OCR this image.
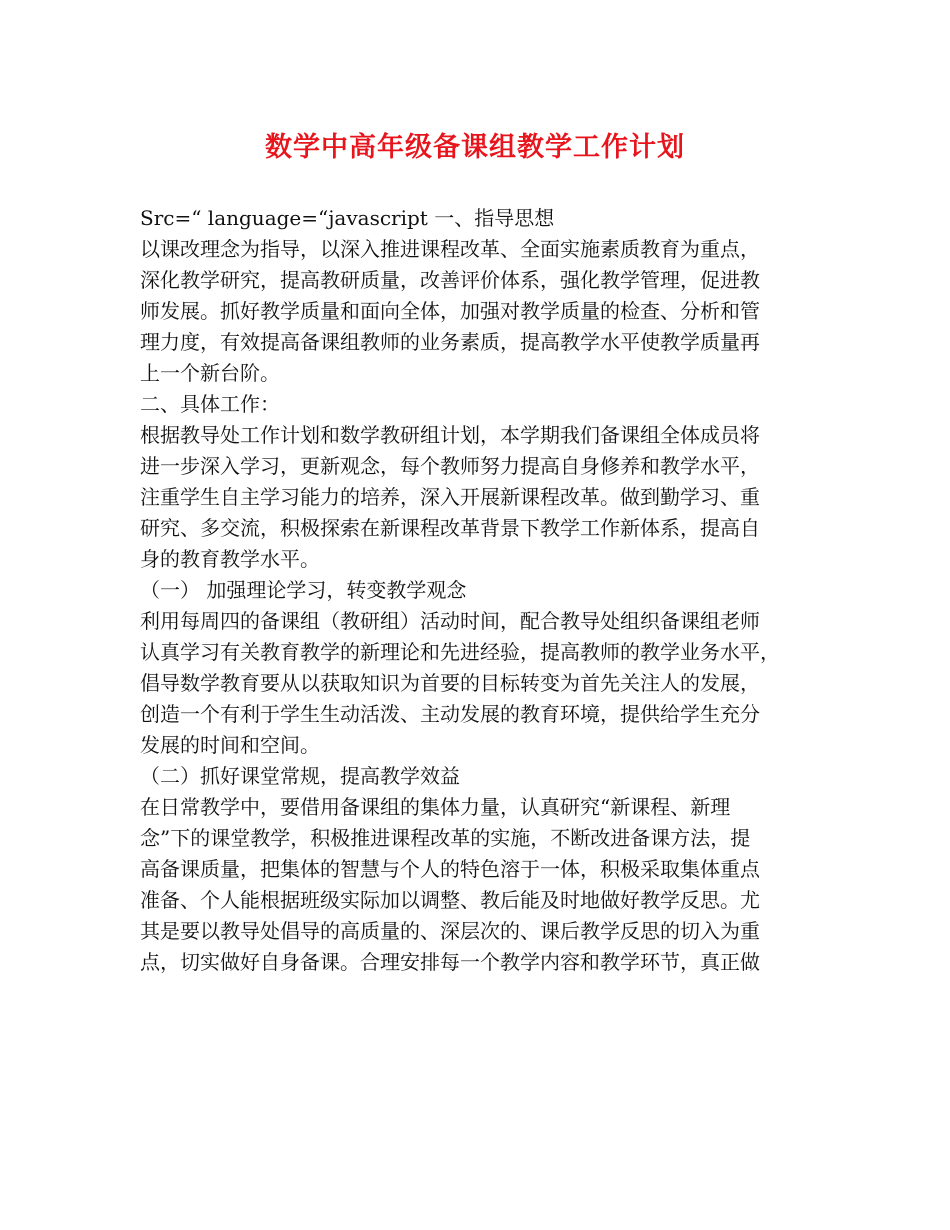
数学中高年级备课组教学工作计划
Src=“ language=“javascript 一、指导思想
以课改理念为指导，以深入推进课程改革、全面实施素质教育为重点，
深化教学研究，提高教研质量，改善评价体系，强化教学管理，促进教
师发展。抓好教学质量和面向全体，加强对教学质量的检查、分析和管
理力度，有效提高备课组教师的业务素质，提高教学水平使教学质量再
上一个新台阶。
二、具体工作：
根据教导处工作计划和数学教研组计划，本学期我们备课组全体成员将
进一步深入学习，更新观念，每个教师努力提高自身修养和教学水平，
注重学生自主学习能力的培养，深入开展新课程改革。做到勤学习、重
研究、多交流，积极探索在新课程改革背景下教学工作新体系，提高自
身的教育教学水平。
（一） 加强理论学习，转变教学观念
利用每周四的备课组（教研组）活动时间，配合教导处组织备课组老师
认真学习有关教育教学的新理论和先进经验，提高教师的教学业务水平，
倡导数学教育要从以获取知识为首要的目标转变为首先关注人的发展，
创造一个有利于学生生动活泼、主动发展的教育环境，提供给学生充分
发展的时间和空间。
（二）抓好课堂常规，提高教学效益
在日常教学中，要借用备课组的集体力量，认真研究“新课程、新理
念”下的课堂教学，积极推进课程改革的实施，不断改进备课方法，提
高备课质量，把集体的智慧与个人的特色溶于一体，积极采取集体重点
准备、个人能根据班级实际加以调整、教后能及时地做好教学反思。尤
其是要以教导处倡导的高质量的、深层次的、课后教学反思的切入为重
点，切实做好自身备课。合理安排每一个教学内容和教学环节，真正做
